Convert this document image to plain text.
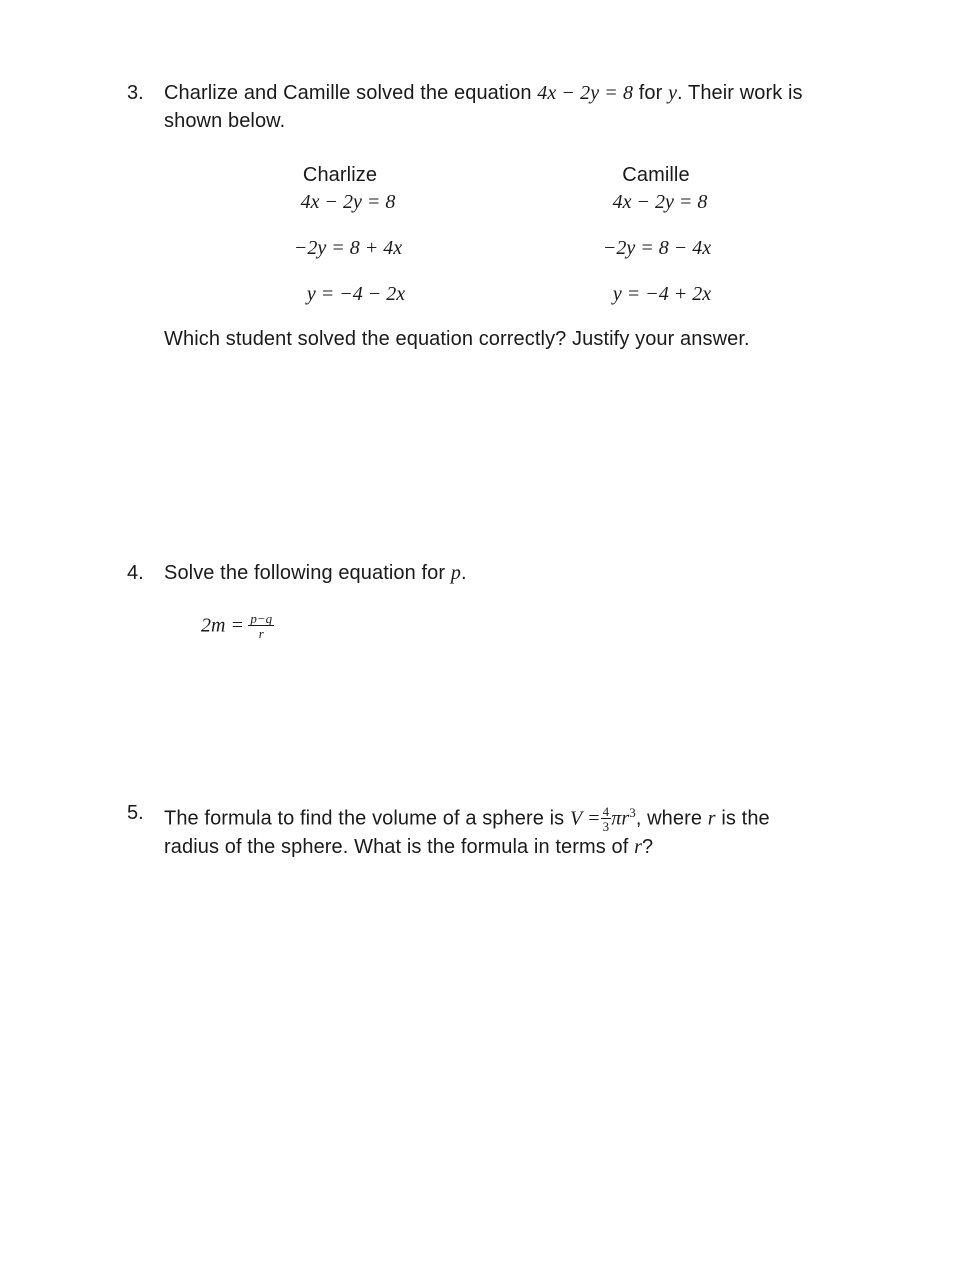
3. Charlize and Camille solved the equation 4x − 2y = 8 for y. Their work is
shown below.
Charlize
4x − 2y = 8
−2y = 8 + 4x
y = −4 − 2x
Camille
4x − 2y = 8
−2y = 8 − 4x
y = −4 + 2x
Which student solved the equation correctly? Justify your answer.
4. Solve the following equation for p.
$2m = \frac{p-q}{r}$
5. The formula to find the volume of a sphere is $V = \frac{4}{3} \pi r^3$, where r is the
radius of the sphere. What is the formula in terms of r?
